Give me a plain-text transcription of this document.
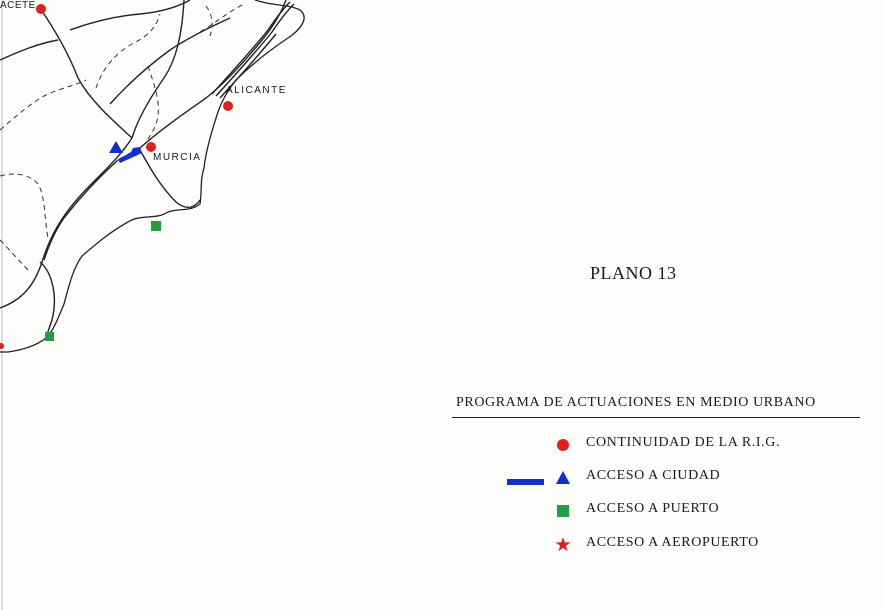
ACETE
ALICANTE
MURCIA
PLANO 13
PROGRAMA DE ACTUACIONES EN MEDIO URBANO
CONTINUIDAD DE LA R.I.G.
ACCESO A CIUDAD
ACCESO A PUERTO
ACCESO A AEROPUERTO
